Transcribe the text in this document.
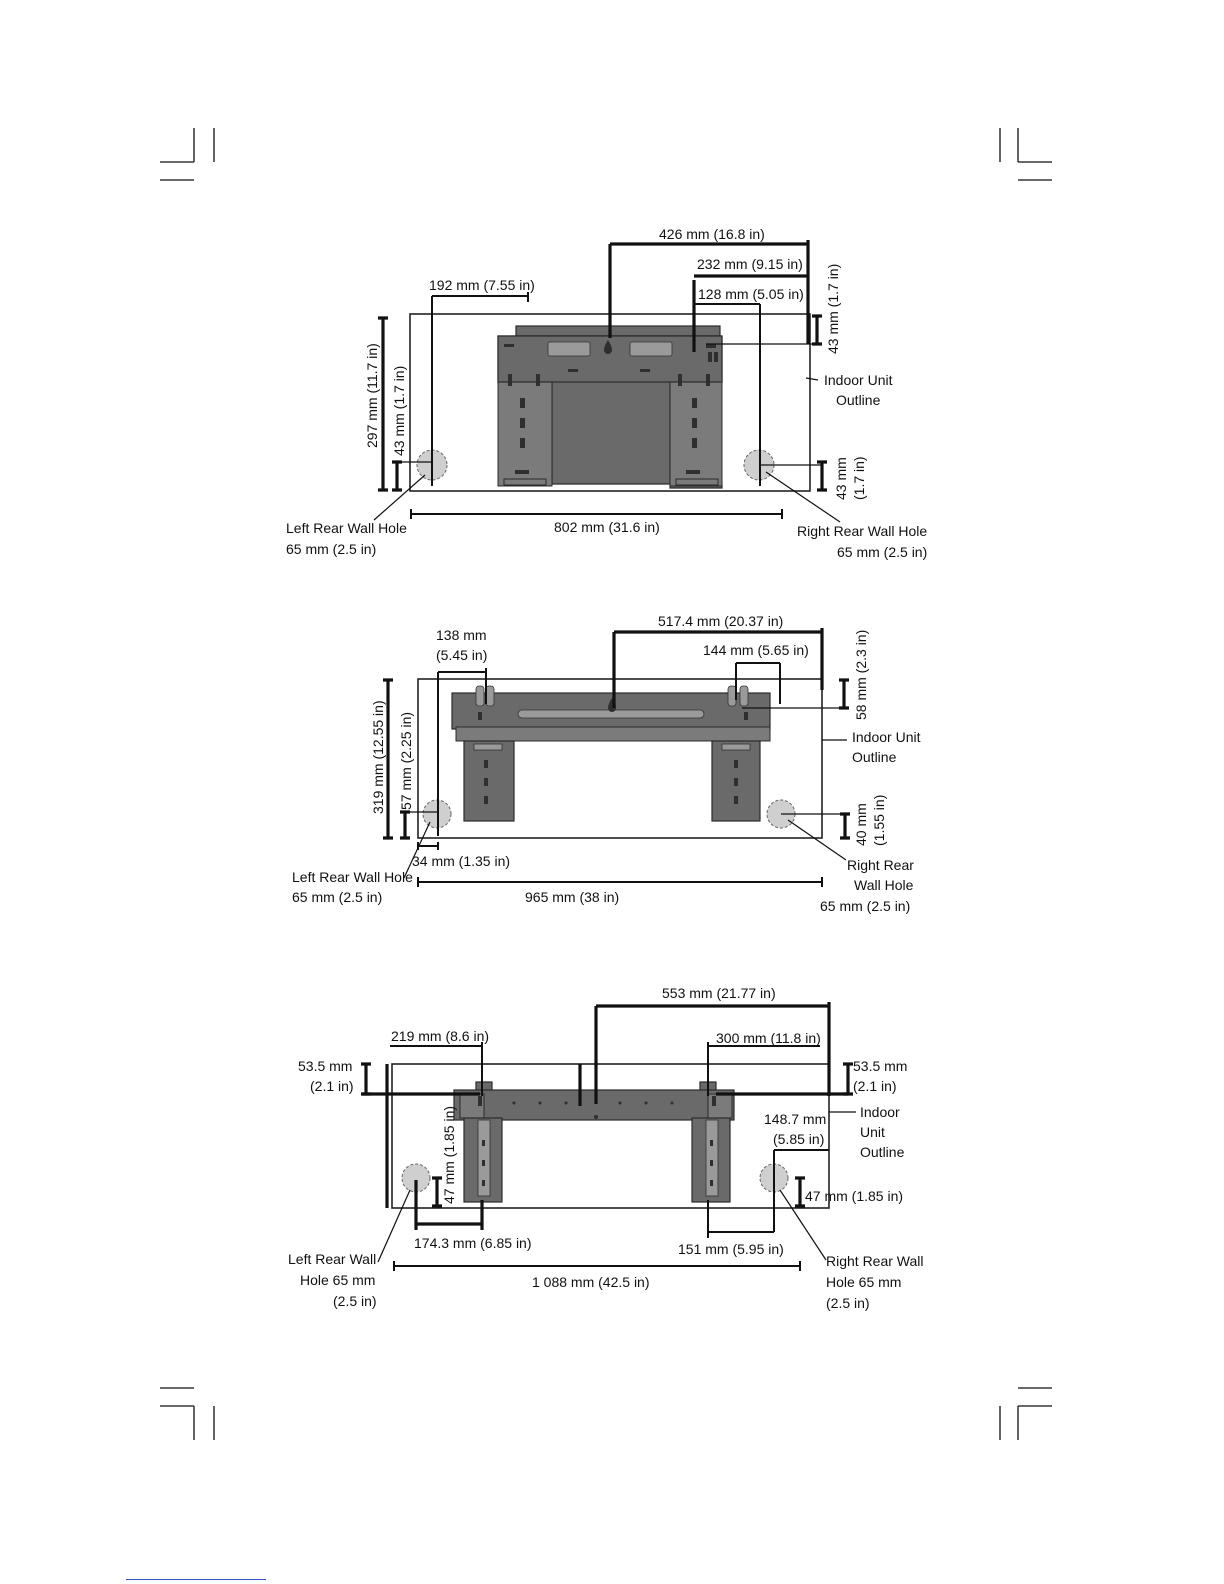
426 mm (16.8 in)
232 mm (9.15 in)
128 mm (5.05 in)
192 mm (7.55 in)	43 mm (1.7 in)
297 mm (11.7 in) 43 mm (1.7 in)
43 mm (1.7 in)
802 mm (31.6 in)
Indoor Unit
Outline
Left Rear Wall Hole
65 mm (2.5 in)
Right Rear Wall Hole
65 mm (2.5 in)
517.4 mm (20.37 in)
138 mm
(5.45 in)	144 mm (5.65 in)	58 mm (2.3 in)
319 mm (12.55 in) 57 mm (2.25 in)
40 mm (1.55 in)
34 mm (1.35 in)
965 mm (38 in)
Indoor Unit
Outline
Left Rear Wall Hole
65 mm (2.5 in)
Right Rear
Wall Hole
65 mm (2.5 in)
553 mm (21.77 in)
219 mm (8.6 in)	300 mm (11.8 in)
53.5 mm
(2.1 in)
53.5 mm
(2.1 in)
148.7 mm
(5.85 in)
47 mm (1.85 in)	47 mm (1.85 in)
174.3 mm (6.85 in)	151 mm (5.95 in)
1 088 mm (42.5 in)
Indoor
Unit
Outline
Left Rear Wall
Hole 65 mm
(2.5 in)
Right Rear Wall
Hole 65 mm
(2.5 in)
